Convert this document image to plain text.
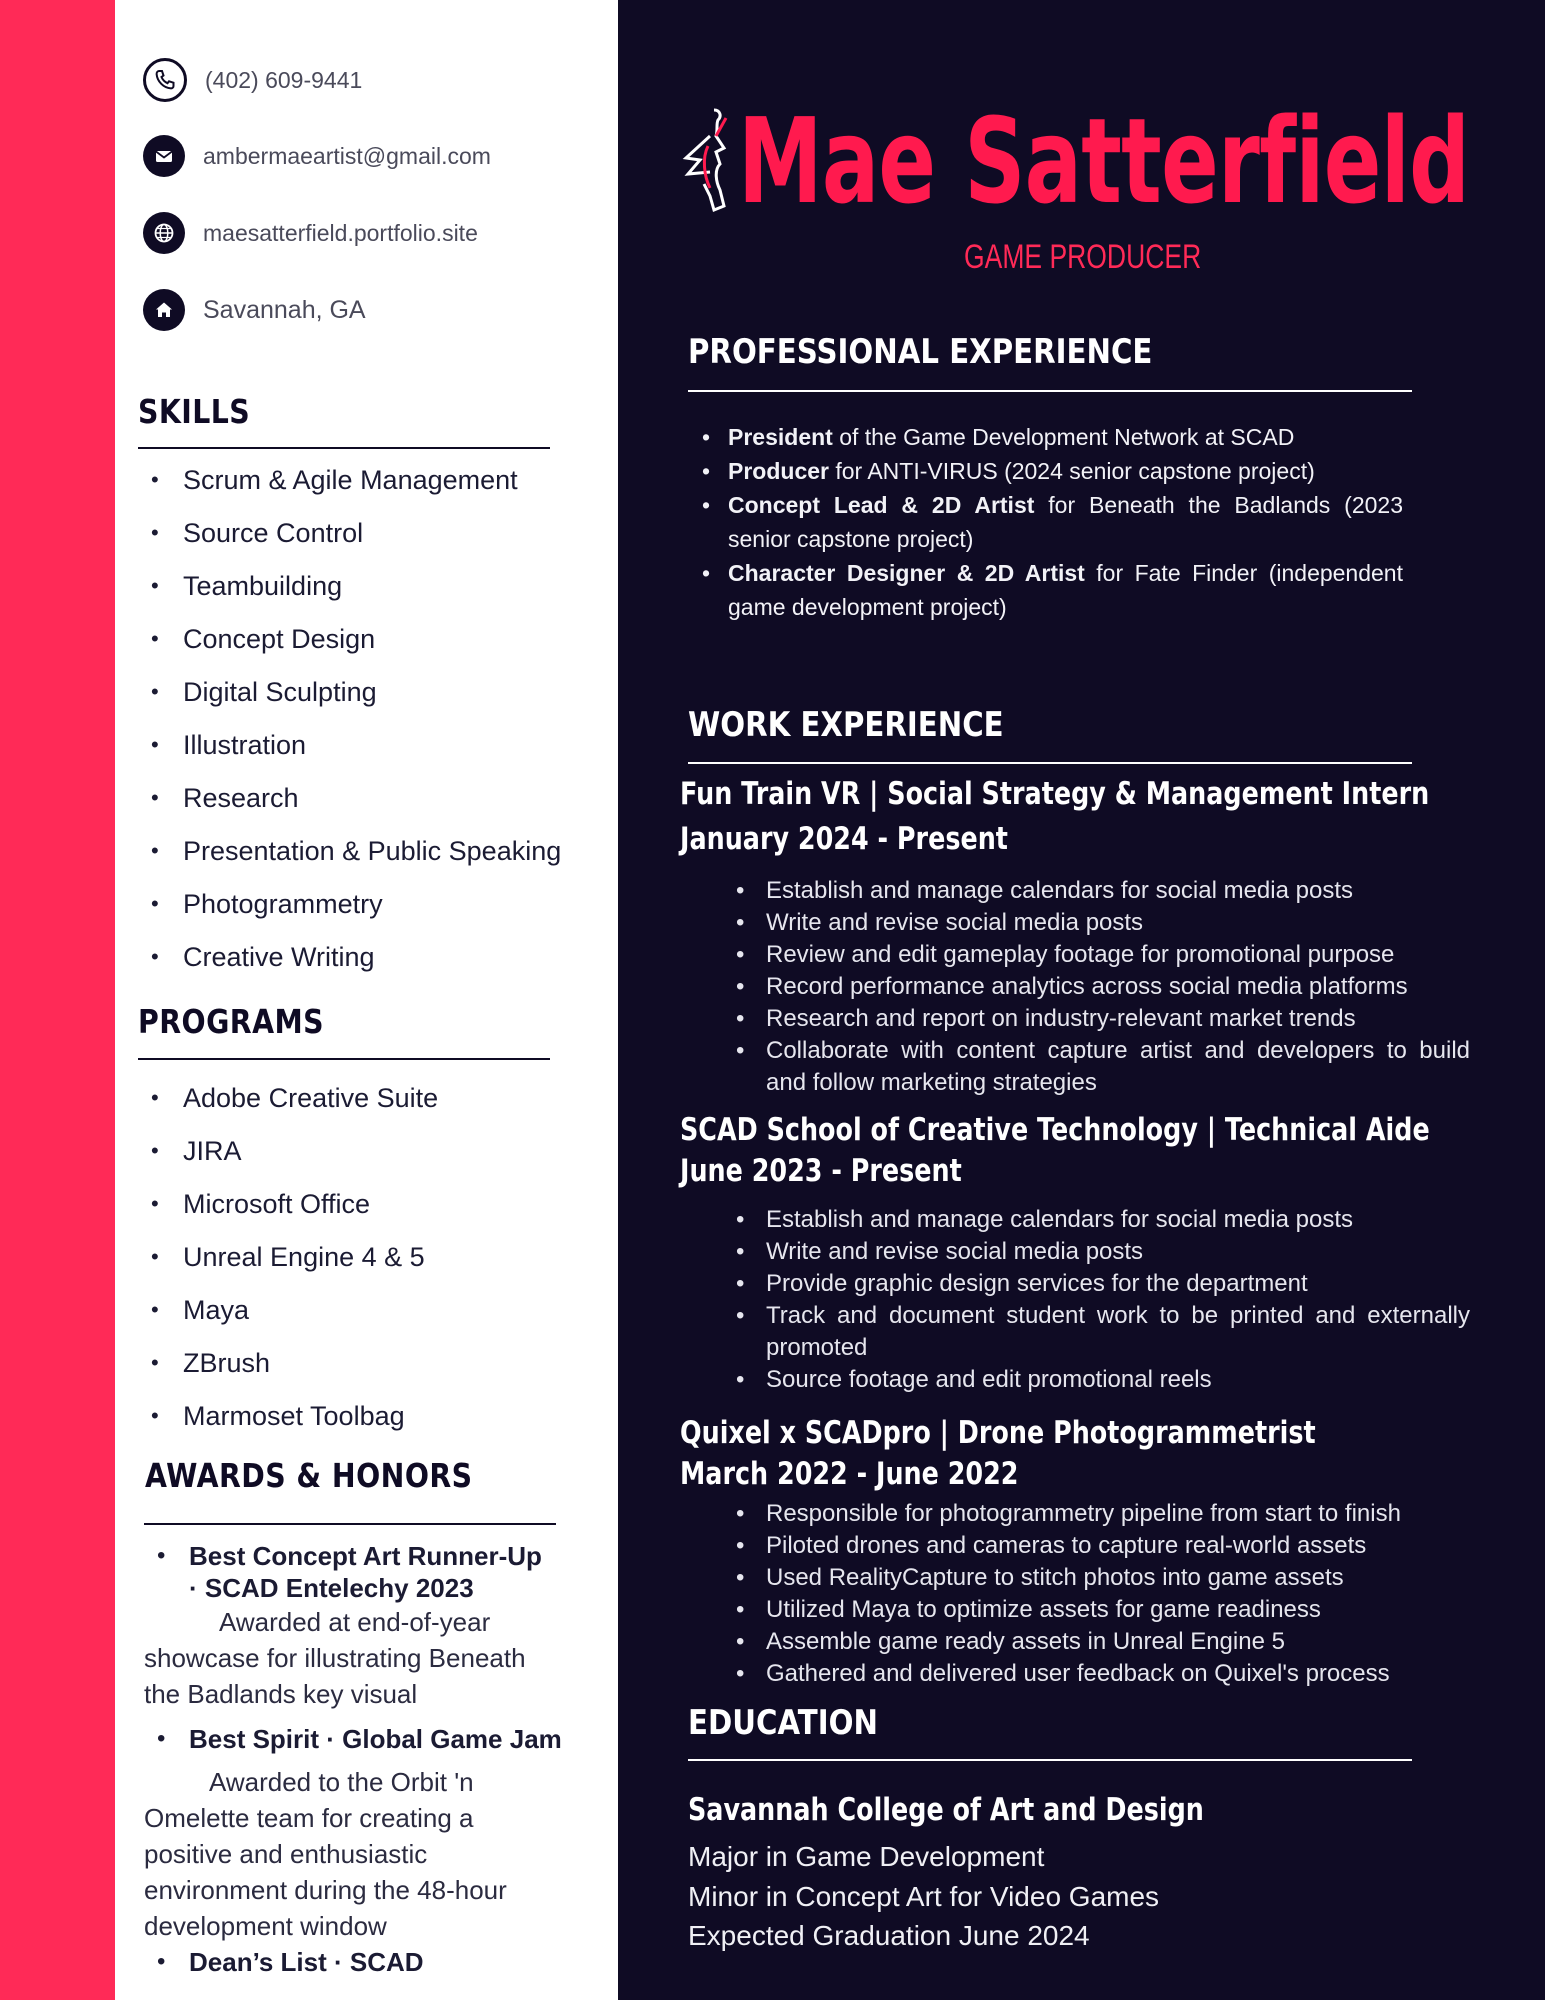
(402) 609-9441
ambermaeartist@gmail.com
maesatterfield.portfolio.site
Savannah, GA
SKILLS
• Scrum & Agile Management
• Source Control
• Teambuilding
• Concept Design
• Digital Sculpting
• Illustration
• Research
• Presentation & Public Speaking
• Photogrammetry
• Creative Writing
PROGRAMS
• Adobe Creative Suite
• JIRA
• Microsoft Office
• Unreal Engine 4 & 5
• Maya
• ZBrush
• Marmoset Toolbag
AWARDS & HONORS
• Best Concept Art Runner-Up
· SCAD Entelechy 2023
Awarded at end-of-year
showcase for illustrating Beneath
the Badlands key visual
• Best Spirit · Global Game Jam
Awarded to the Orbit 'n
Omelette team for creating a
positive and enthusiastic
environment during the 48-hour
development window
• Dean’s List · SCAD
Mae Satterfield
GAME PRODUCER
PROFESSIONAL EXPERIENCE
• President of the Game Development Network at SCAD
• Producer for ANTI-VIRUS (2024 senior capstone project)
• Concept Lead & 2D Artist for Beneath the Badlands (2023 senior capstone project)
• Character Designer & 2D Artist for Fate Finder (independent game development project)
WORK EXPERIENCE
Fun Train VR | Social Strategy & Management Intern
January 2024 - Present
• Establish and manage calendars for social media posts
• Write and revise social media posts
• Review and edit gameplay footage for promotional purpose
• Record performance analytics across social media platforms
• Research and report on industry-relevant market trends
• Collaborate with content capture artist and developers to build and follow marketing strategies
SCAD School of Creative Technology | Technical Aide
June 2023 - Present
• Establish and manage calendars for social media posts
• Write and revise social media posts
• Provide graphic design services for the department
• Track and document student work to be printed and externally promoted
• Source footage and edit promotional reels
Quixel x SCADpro | Drone Photogrammetrist
March 2022 - June 2022
• Responsible for photogrammetry pipeline from start to finish
• Piloted drones and cameras to capture real-world assets
• Used RealityCapture to stitch photos into game assets
• Utilized Maya to optimize assets for game readiness
• Assemble game ready assets in Unreal Engine 5
• Gathered and delivered user feedback on Quixel's process
EDUCATION
Savannah College of Art and Design
Major in Game Development
Minor in Concept Art for Video Games
Expected Graduation June 2024
